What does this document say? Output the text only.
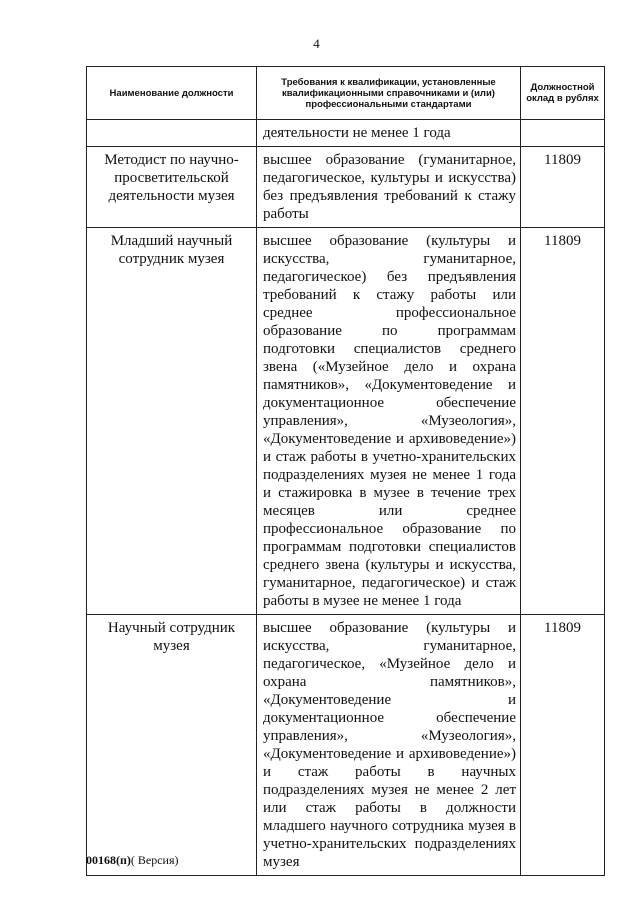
4
Наименование должности	Требования к квалификации, установленные квалификационными справочниками и (или) профессиональными стандартами	Должностной оклад в рублях

	деятельности не менее 1 года	

Методист по научно-просветительской деятельности музея	высшее образование (гуманитарное, педагогическое, культуры и искусства) без предъявления требований к стажу работы	11809

Младший научный сотрудник музея	высшее образование (культуры и искусства, гуманитарное, педагогическое) без предъявления требований к стажу работы или среднее профессиональное образование по программам подготовки специалистов среднего звена («Музейное дело и охрана памятников», «Документоведение и документационное обеспечение управления», «Музеология», «Документоведение и архивоведение») и стаж работы в учетно-хранительских подразделениях музея не менее 1 года и стажировка в музее в течение трех месяцев или среднее профессиональное образование по программам подготовки специалистов среднего звена (культуры и искусства, гуманитарное, педагогическое) и стаж работы в музее не менее 1 года	11809

Научный сотрудник музея	высшее образование (культуры и искусства, гуманитарное, педагогическое, «Музейное дело и охрана памятников», «Документоведение и документационное обеспечение управления», «Музеология», «Документоведение и архивоведение») и стаж работы в научных подразделениях музея не менее 2 лет или стаж работы в должности младшего научного сотрудника музея в учетно-хранительских подразделениях музея	11809
00168(п)( Версия)
